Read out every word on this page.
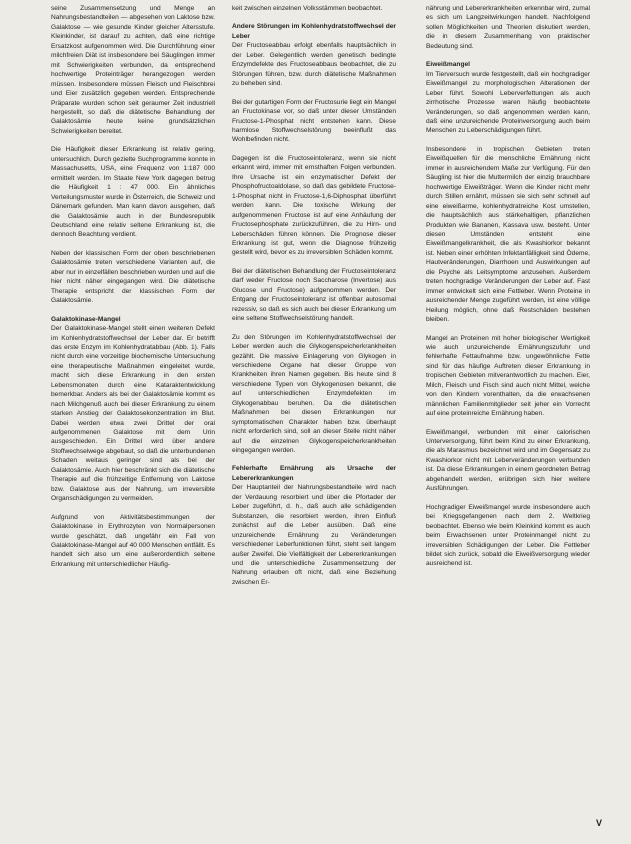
seine Zusammensetzung und Menge an Nahrungsbestandteilen — abgesehen von Laktose bzw. Galaktose — wie gesunde Kinder gleicher Altersstufe. Kleinkinder, ist darauf zu achten, daß eine richtige Ersatzkost aufgenommen wird. Die Durchführung einer milchfreien Diät ist insbesondere bei Säuglingen immer mit Schwierigkeiten verbunden, da entsprechend hochwertige Proteinträger herangezogen werden müssen. Insbesondere müssen Fleisch und Fleischbrei und Eier zusätzlich gegeben werden. Entsprechende Präparate wurden schon seit geraumer Zeit industriell hergestellt, so daß die diätetische Behandlung der Galaktosämie heute keine grundsätzlichen Schwierigkeiten bereitet.

Die Häufigkeit dieser Erkrankung ist relativ gering, untersuchlich. Durch gezielte Suchprogramme konnte in Massachusetts, USA, eine Frequenz von 1:187 000 ermittelt werden. Im Staate New York dagegen betrug die Häufigkeit 1 : 47 000. Ein ähnliches Verteilungsmuster wurde in Österreich, die Schweiz und Dänemark gefunden. Man kann davon ausgehen, daß die Galaktosämie auch in der Bundesrepublik Deutschland eine relativ seltene Erkrankung ist, die dennoch Beachtung verdient.

Neben der klassischen Form der oben beschriebenen Galaktosämie treten verschiedene Varianten auf, die aber nur in einzelfällen beschrieben wurden und auf die hier nicht näher eingegangen wird. Die diätetische Therapie entspricht der klassischen Form der Galaktosämie.

Galaktokinase-Mangel

Der Galaktokinase-Mangel stellt einen weiteren Defekt im Kohlenhydratstoffwechsel der Leber dar. Er betrifft das erste Enzym im Kohlenhydratabbau (Abb. 1). Falls nicht durch eine vorzeitige biochemische Untersuchung eine therapeutische Maßnahmen eingeleitet wurde, macht sich diese Erkrankung in den ersten Lebensmonaten durch eine Kataraktentwicklung bemerkbar. Anders als bei der Galaktosämie kommt es nach Milchgenuß auch bei dieser Erkrankung zu einem starken Anstieg der Galaktosekonzentration im Blut. Dabei werden etwa zwei Drittel der oral aufgenommenen Galaktose mit dem Urin ausgeschieden. Ein Drittel wird über andere Stoffwechselwege abgebaut, so daß die unterbundenen Schaden weitaus geringer sind als bei der Galaktosämie. Auch hier beschränkt sich die diätetische Therapie auf die frühzeitige Entfernung von Laktose bzw. Galaktose aus der Nahrung, um irreversible Organschädigungen zu vermeiden.

Aufgrund von Aktivitätsbestimmungen der Galaktokinase in Erythrozyten von Normalpersonen wurde geschätzt, daß ungefähr ein Fall von Galaktokinase-Mangel auf 40 000 Menschen entfällt. Es handelt sich also um eine außerordentlich seltene Erkrankung mit unterschiedlicher Häufig-

keit zwischen einzelnen Volksstämmen beobachtet.

Andere Störungen im Kohlenhydratstoffwechsel der Leber

Der Fructoseabbau erfolgt ebenfalls hauptsächlich in der Leber. Gelegentlich werden genetisch bedingte Enzymdefekte des Fructoseabbaus beobachtet, die zu Störungen führen, bzw. durch diätetische Maßnahmen zu beheben sind.

Bei der gutartigen Form der Fructosurie liegt ein Mangel an Fructokinase vor, so daß unter dieser Umständen Fructose-1-Phosphat nicht entstehen kann. Diese harmlose Stoffwechselstörung beeinflußt das Wohlbefinden nicht.

Dagegen ist die Fructoseintoleranz, wenn sie nicht erkannt wird, immer mit ernsthaften Folgen verbunden. Ihre Ursache ist ein enzymatischer Defekt der Phosphofructoaldolase, so daß das gebildete Fructose-1-Phosphat nicht in Fructose-1,6-Diphosphat überführt werden kann. Die toxische Wirkung der aufgenommenen Fructose ist auf eine Anhäufung der Fructosephosphate zurückzuführen, die zu Hirn- und Leberschäden führen können. Die Prognose dieser Erkrankung ist gut, wenn die Diagnose frühzeitig gestellt wird, bevor es zu irreversiblen Schäden kommt.

Bei der diätetischen Behandlung der Fructoseintoleranz darf weder Fructose noch Saccharose (Invertose) aus Glucose und Fructose) aufgenommen werden. Der Entgang der Fructoseintoleranz ist offenbar autosomal rezessiv, so daß es sich auch bei dieser Erkrankung um eine seltene Stoffwechselstörung handelt.

Zu den Störungen im Kohlenhydratstoffwechsel der Leber werden auch die Glykogenspeicherkrankheiten gezählt. Die massive Einlagerung von Glykogen in verschiedene Organe hat dieser Gruppe von Krankheiten ihren Namen gegeben. Bis heute sind 8 verschiedene Typen von Glykogenosen bekannt, die auf unterschiedlichen Enzymdefekten im Glykogenabbau beruhen. Da die diätetischen Maßnahmen bei diesen Erkrankungen nur symptomatischen Charakter haben bzw. überhaupt nicht erforderlich sind, soll an dieser Stelle nicht näher auf die einzelnen Glykogenspeicherkrankheiten eingegangen werden.

Fehlerhafte Ernährung als Ursache der Lebererkrankungen

Der Hauptanteil der Nahrungsbestandteile wird nach der Verdauung resorbiert und über die Pfortader der Leber zugeführt, d. h., daß auch alle schädigenden Substanzen, die resorbiert werden, ihren Einfluß zunächst auf die Leber ausüben. Daß eine unzureichende Ernährung zu Veränderungen verschiedener Leberfunktionen führt, steht seit langem außer Zweifel. Die Vielfältigkeit der Lebererkrankungen und die unterschiedliche Zusammensetzung der Nahrung erlauben oft nicht, daß eine Beziehung zwischen Er-

nährung und Lebererkrankheiten erkennbar wird, zumal es sich um Langzeitwirkungen handelt. Nachfolgend sollen Möglichkeiten und Theorien diskutiert werden, die in diesem Zusammenhang von praktischer Bedeutung sind.

Eiweißmangel

Im Tierversuch wurde festgestellt, daß ein hochgradiger Eiweißmangel zu morphologischen Alterationen der Leber führt. Sowohl Leberverfettungen als auch zirrhotische Prozesse waren häufig beobachtete Veränderungen, so daß angenommen werden kann, daß eine unzureichende Proteinversorgung auch beim Menschen zu Leberschädigungen führt.

Insbesondere in tropischen Gebieten treten Eiweißquellen für die menschliche Ernährung nicht immer in ausreichendem Maße zur Verfügung. Für den Säugling ist hier die Muttermilch der einzig brauchbare hochwertige Eiweißträger. Wenn die Kinder nicht mehr durch Stillen ernährt, müssen sie sich sehr schnell auf eine eiweißarme, kohlenhydratreiche Kost umstellen, die hauptsächlich aus stärkehaltigen, pflanzlichen Produkten wie Bananen, Kassava usw. besteht. Unter diesen Umständen entsteht eine Eiweißmangelkrankheit, die als Kwashiorkor bekannt ist. Neben einer erhöhten Infektanfälligkeit sind Ödeme, Hautveränderungen, Diarrhoen und Auswirkungen auf die Psyche als Leitsymptome anzusehen. Außerdem treten hochgradige Veränderungen der Leber auf. Fast immer entwickelt sich eine Fettleber. Wenn Proteine in ausreichender Menge zugeführt werden, ist eine völlige Heilung möglich, ohne daß Restschäden bestehen bleiben.

Mangel an Proteinen mit hoher biologischer Wertigkeit wie auch unzureichende Ernährungszufuhr und fehlerhafte Fettaufnahme bzw. ungewöhnliche Fette sind für das häufige Auftreten dieser Erkrankung in tropischen Gebieten mitverantwortlich zu machen. Eier, Milch, Fleisch und Fisch sind auch nicht Mittel, welche von den Kindern vorenthalten, da die erwachsenen männlichen Familienmitglieder seit jeher ein Vorrecht auf eine proteinreiche Ernährung haben.

Eiweißmangel, verbunden mit einer calorischen Unterversorgung, führt beim Kind zu einer Erkrankung, die als Marasmus bezeichnet wird und im Gegensatz zu Kwashiorkor nicht mit Leberveränderungen verbunden ist. Da diese Erkrankungen in einem geordneten Betrag abgehandelt werden, erübrigen sich hier weitere Ausführungen.

Hochgradiger Eiweißmangel wurde insbesondere auch bei Kriegsgefangenen nach dem 2. Weltkrieg beobachtet. Ebenso wie beim Kleinkind kommt es auch beim Erwachsenen unter Proteinmangel nicht zu irreversiblen Schädigungen der Leber. Die Fettleber bildet sich zurück, sobald die Eiweißversorgung wieder ausreichend ist.

V
